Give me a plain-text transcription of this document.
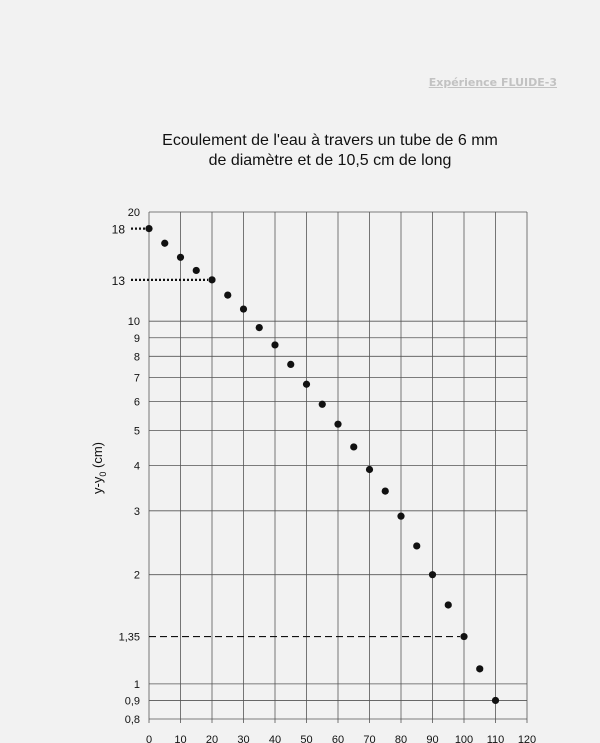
Expérience FLUIDE-3
Ecoulement de l'eau à travers un tube de 6 mm
de diamètre et de 10,5 cm de long
0 10 20 30 40 50 60 70 80 90 100 110 120
0,8
0,9
1
2
3
4
5
6
7
8
9
10
20
18
13
1,35
$y-y_0$ (cm)
